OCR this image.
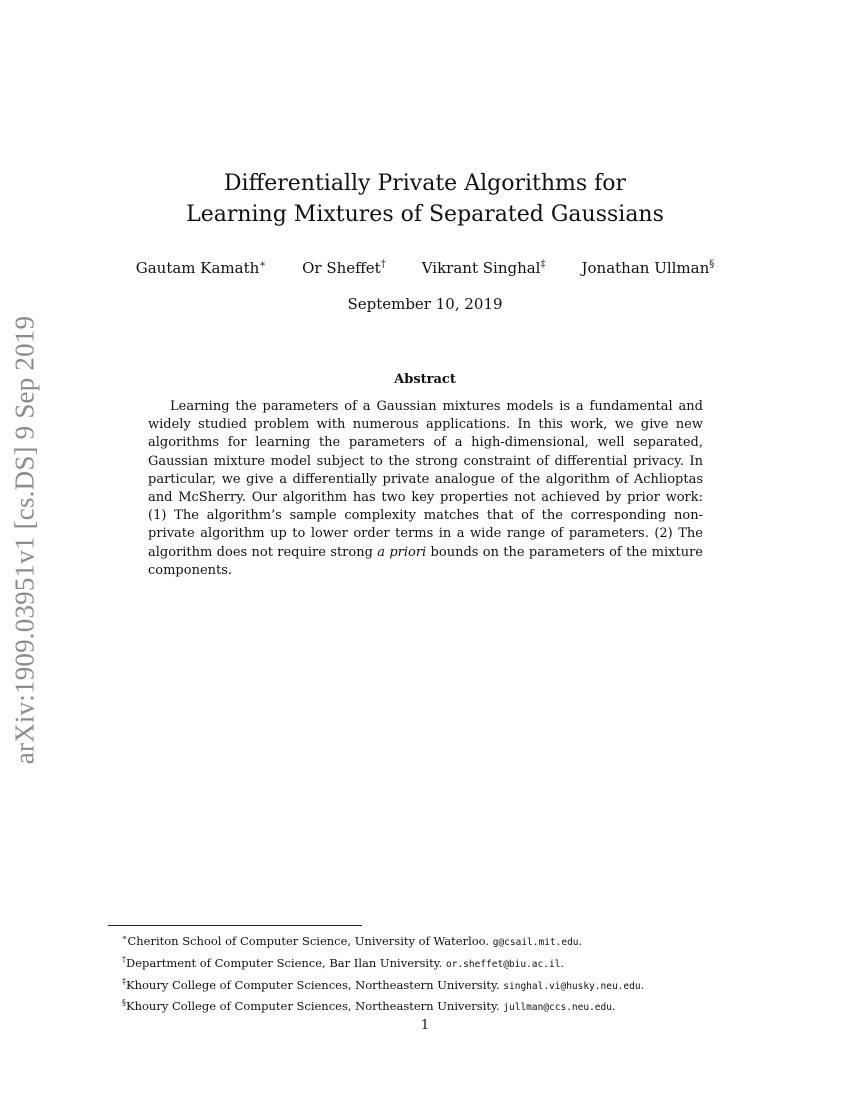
arXiv:1909.03951v1 [cs.DS] 9 Sep 2019
Differentially Private Algorithms for
Learning Mixtures of Separated Gaussians
Gautam Kamath∗ Or Sheffet† Vikrant Singhal‡ Jonathan Ullman§
September 10, 2019
Abstract
Learning the parameters of a Gaussian mixtures models is a fundamental and widely studied problem with numerous applications. In this work, we give new algorithms for learning the parameters of a high-dimensional, well separated, Gaussian mixture model subject to the strong constraint of differential privacy. In particular, we give a differentially private analogue of the algorithm of Achlioptas and McSherry. Our algorithm has two key properties not achieved by prior work: (1) The algorithm’s sample complexity matches that of the corresponding non-private algorithm up to lower order terms in a wide range of parameters. (2) The algorithm does not require strong a priori bounds on the parameters of the mixture components.
∗Cheriton School of Computer Science, University of Waterloo. g@csail.mit.edu.
†Department of Computer Science, Bar Ilan University. or.sheffet@biu.ac.il.
‡Khoury College of Computer Sciences, Northeastern University. singhal.vi@husky.neu.edu.
§Khoury College of Computer Sciences, Northeastern University. jullman@ccs.neu.edu.
1
